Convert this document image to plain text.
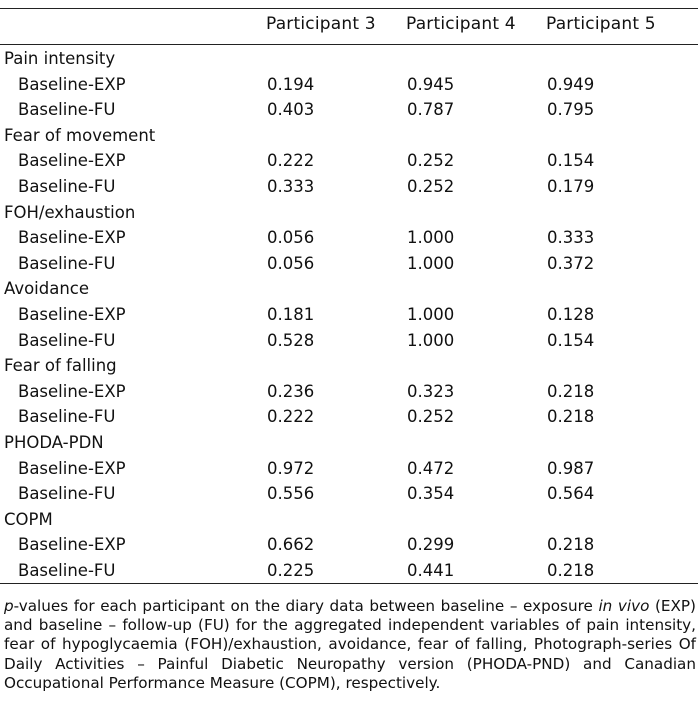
Participant 3 Participant 4 Participant 5
Pain intensity
Baseline-EXP	0.194	0.945	0.949
Baseline-FU	0.403	0.787	0.795
Fear of movement
Baseline-EXP	0.222	0.252	0.154
Baseline-FU	0.333	0.252	0.179
FOH/exhaustion
Baseline-EXP	0.056	1.000	0.333
Baseline-FU	0.056	1.000	0.372
Avoidance
Baseline-EXP	0.181	1.000	0.128
Baseline-FU	0.528	1.000	0.154
Fear of falling
Baseline-EXP	0.236	0.323	0.218
Baseline-FU	0.222	0.252	0.218
PHODA-PDN
Baseline-EXP	0.972	0.472	0.987
Baseline-FU	0.556	0.354	0.564
COPM
Baseline-EXP	0.662	0.299	0.218
Baseline-FU	0.225	0.441	0.218
p-values for each participant on the diary data between baseline – exposure in vivo (EXP) and baseline – follow-up (FU) for the aggregated independent variables of pain intensity, fear of hypoglycaemia (FOH)/exhaustion, avoidance, fear of falling, Photograph-series Of Daily Activities – Painful Diabetic Neuropathy version (PHODA-PND) and Canadian Occupational Performance Measure (COPM), respectively.
